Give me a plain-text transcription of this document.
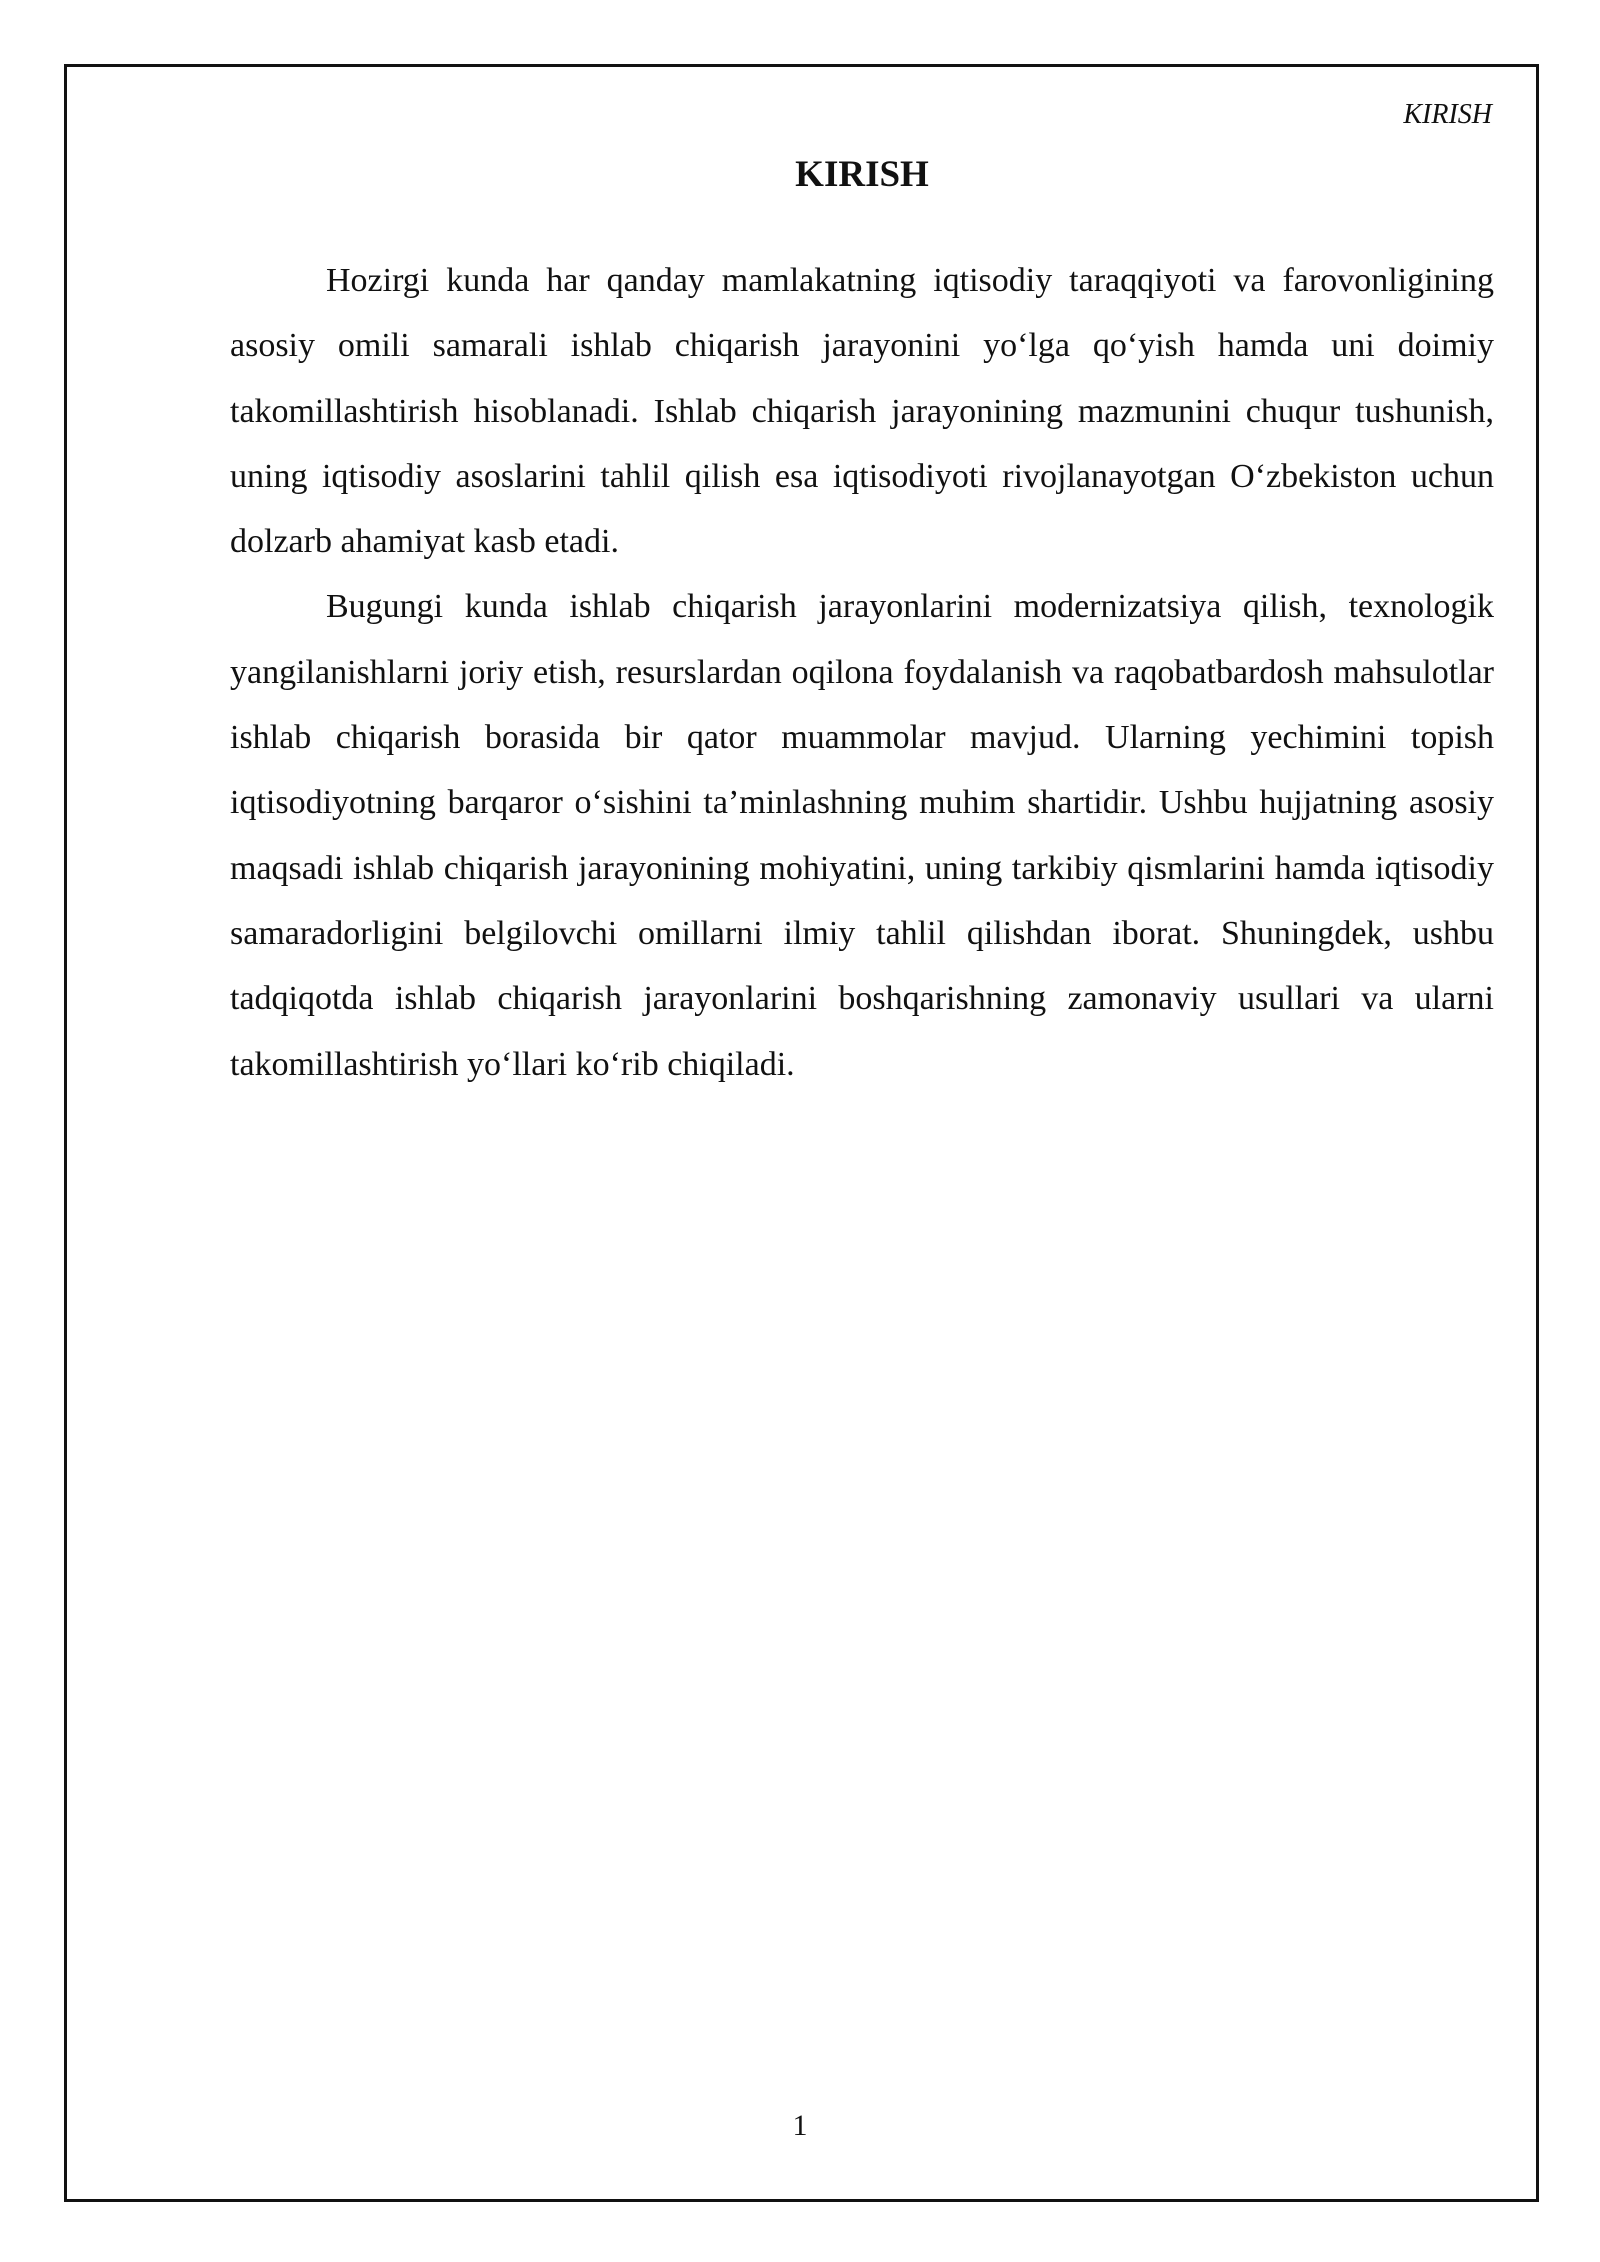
KIRISH
KIRISH

Hozirgi kunda har qanday mamlakatning iqtisodiy taraqqiyoti va farovonligining asosiy omili samarali ishlab chiqarish jarayonini yo‘lga qo‘yish hamda uni doimiy takomillashtirish hisoblanadi. Ishlab chiqarish jarayonining mazmunini chuqur tushunish, uning iqtisodiy asoslarini tahlil qilish esa iqtisodiyoti rivojlanayotgan O‘zbekiston uchun dolzarb ahamiyat kasb etadi.

Bugungi kunda ishlab chiqarish jarayonlarini modernizatsiya qilish, texnologik yangilanishlarni joriy etish, resurslardan oqilona foydalanish va raqobatbardosh mahsulotlar ishlab chiqarish borasida bir qator muammolar mavjud. Ularning yechimini topish iqtisodiyotning barqaror o‘sishini ta’minlashning muhim shartidir. Ushbu hujjatning asosiy maqsadi ishlab chiqarish jarayonining mohiyatini, uning tarkibiy qismlarini hamda iqtisodiy samaradorligini belgilovchi omillarni ilmiy tahlil qilishdan iborat. Shuningdek, ushbu tadqiqotda ishlab chiqarish jarayonlarini boshqarishning zamonaviy usullari va ularni takomillashtirish yo‘llari ko‘rib chiqiladi.

1
